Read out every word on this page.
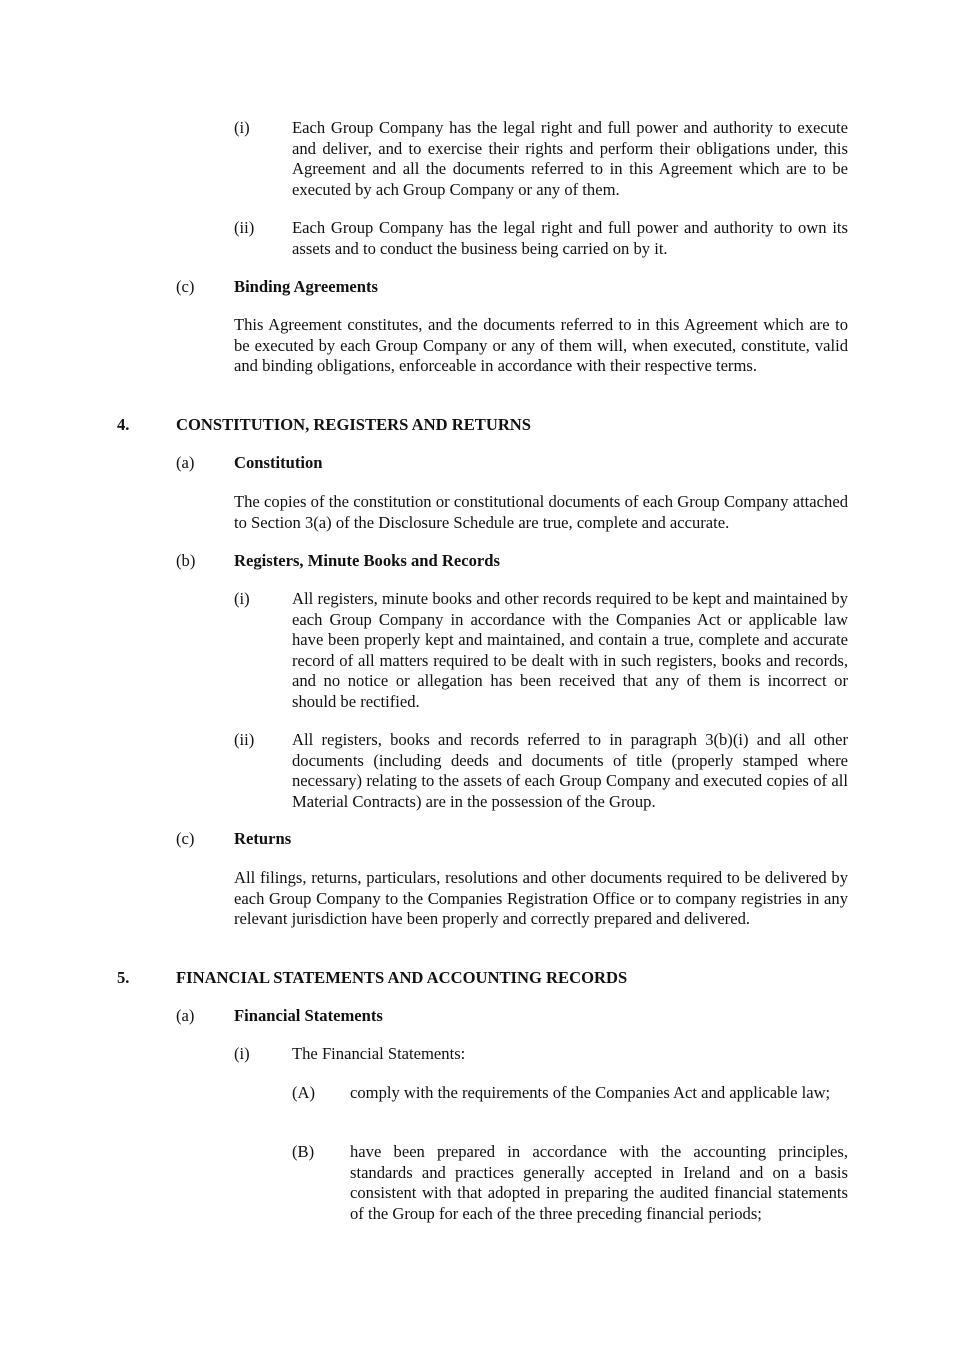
(i)	Each Group Company has the legal right and full power and authority to execute and deliver, and to exercise their rights and perform their obligations under, this Agreement and all the documents referred to in this Agreement which are to be executed by ach Group Company or any of them.
(ii) Each Group Company has the legal right and full power and authority to own its assets and to conduct the business being carried on by it.
(c) Binding Agreements
This Agreement constitutes, and the documents referred to in this Agreement which are to be executed by each Group Company or any of them will, when executed, constitute, valid and binding obligations, enforceable in accordance with their respective terms.
4.	CONSTITUTION, REGISTERS AND RETURNS
(a) Constitution
The copies of the constitution or constitutional documents of each Group Company attached to Section 3(a) of the Disclosure Schedule are true, complete and accurate.
(b) Registers, Minute Books and Records
(i)	All registers, minute books and other records required to be kept and maintained by each Group Company in accordance with the Companies Act or applicable law have been properly kept and maintained, and contain a true, complete and accurate record of all matters required to be dealt with in such registers, books and records, and no notice or allegation has been received that any of them is incorrect or should be rectified.
(ii) All registers, books and records referred to in paragraph 3(b)(i) and all other documents (including deeds and documents of title (properly stamped where necessary) relating to the assets of each Group Company and executed copies of all Material Contracts) are in the possession of the Group.
(c) Returns
All filings, returns, particulars, resolutions and other documents required to be delivered by each Group Company to the Companies Registration Office or to company registries in any relevant jurisdiction have been properly and correctly prepared and delivered.
5.	FINANCIAL STATEMENTS AND ACCOUNTING RECORDS
(a) Financial Statements
(i)	The Financial Statements:
(A) comply with the requirements of the Companies Act and applicable law;
(B) have been prepared in accordance with the accounting principles, standards and practices generally accepted in Ireland and on a basis consistent with that adopted in preparing the audited financial statements of the Group for each of the three preceding financial periods;
